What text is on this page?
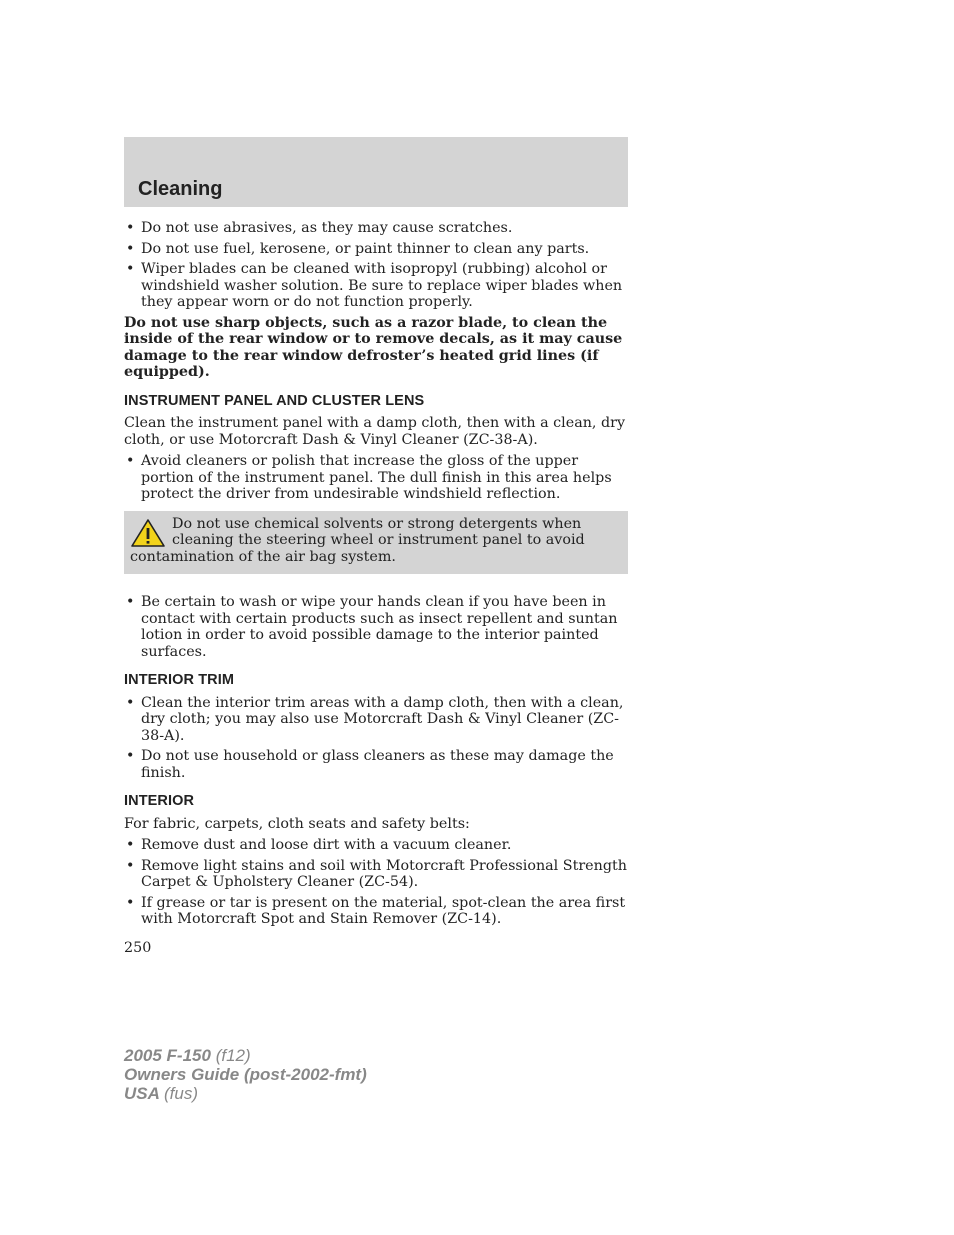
Cleaning
• Do not use abrasives, as they may cause scratches.
• Do not use fuel, kerosene, or paint thinner to clean any parts.
• Wiper blades can be cleaned with isopropyl (rubbing) alcohol or windshield washer solution. Be sure to replace wiper blades when they appear worn or do not function properly.

Do not use sharp objects, such as a razor blade, to clean the inside of the rear window or to remove decals, as it may cause damage to the rear window defroster’s heated grid lines (if equipped).

INSTRUMENT PANEL AND CLUSTER LENS

Clean the instrument panel with a damp cloth, then with a clean, dry cloth, or use Motorcraft Dash & Vinyl Cleaner (ZC-38-A).

• Avoid cleaners or polish that increase the gloss of the upper portion of the instrument panel. The dull finish in this area helps protect the driver from undesirable windshield reflection.
Do not use chemical solvents or strong detergents when cleaning the steering wheel or instrument panel to avoid contamination of the air bag system.
• Be certain to wash or wipe your hands clean if you have been in contact with certain products such as insect repellent and suntan lotion in order to avoid possible damage to the interior painted surfaces.
INTERIOR TRIM
• Clean the interior trim areas with a damp cloth, then with a clean, dry cloth; you may also use Motorcraft Dash & Vinyl Cleaner (ZC-38-A).
• Do not use household or glass cleaners as these may damage the finish.
INTERIOR

For fabric, carpets, cloth seats and safety belts:

• Remove dust and loose dirt with a vacuum cleaner.
• Remove light stains and soil with Motorcraft Professional Strength Carpet & Upholstery Cleaner (ZC-54).
• If grease or tar is present on the material, spot-clean the area first with Motorcraft Spot and Stain Remover (ZC-14).
250
2005 F-150 (f12)
Owners Guide (post-2002-fmt)
USA (fus)
